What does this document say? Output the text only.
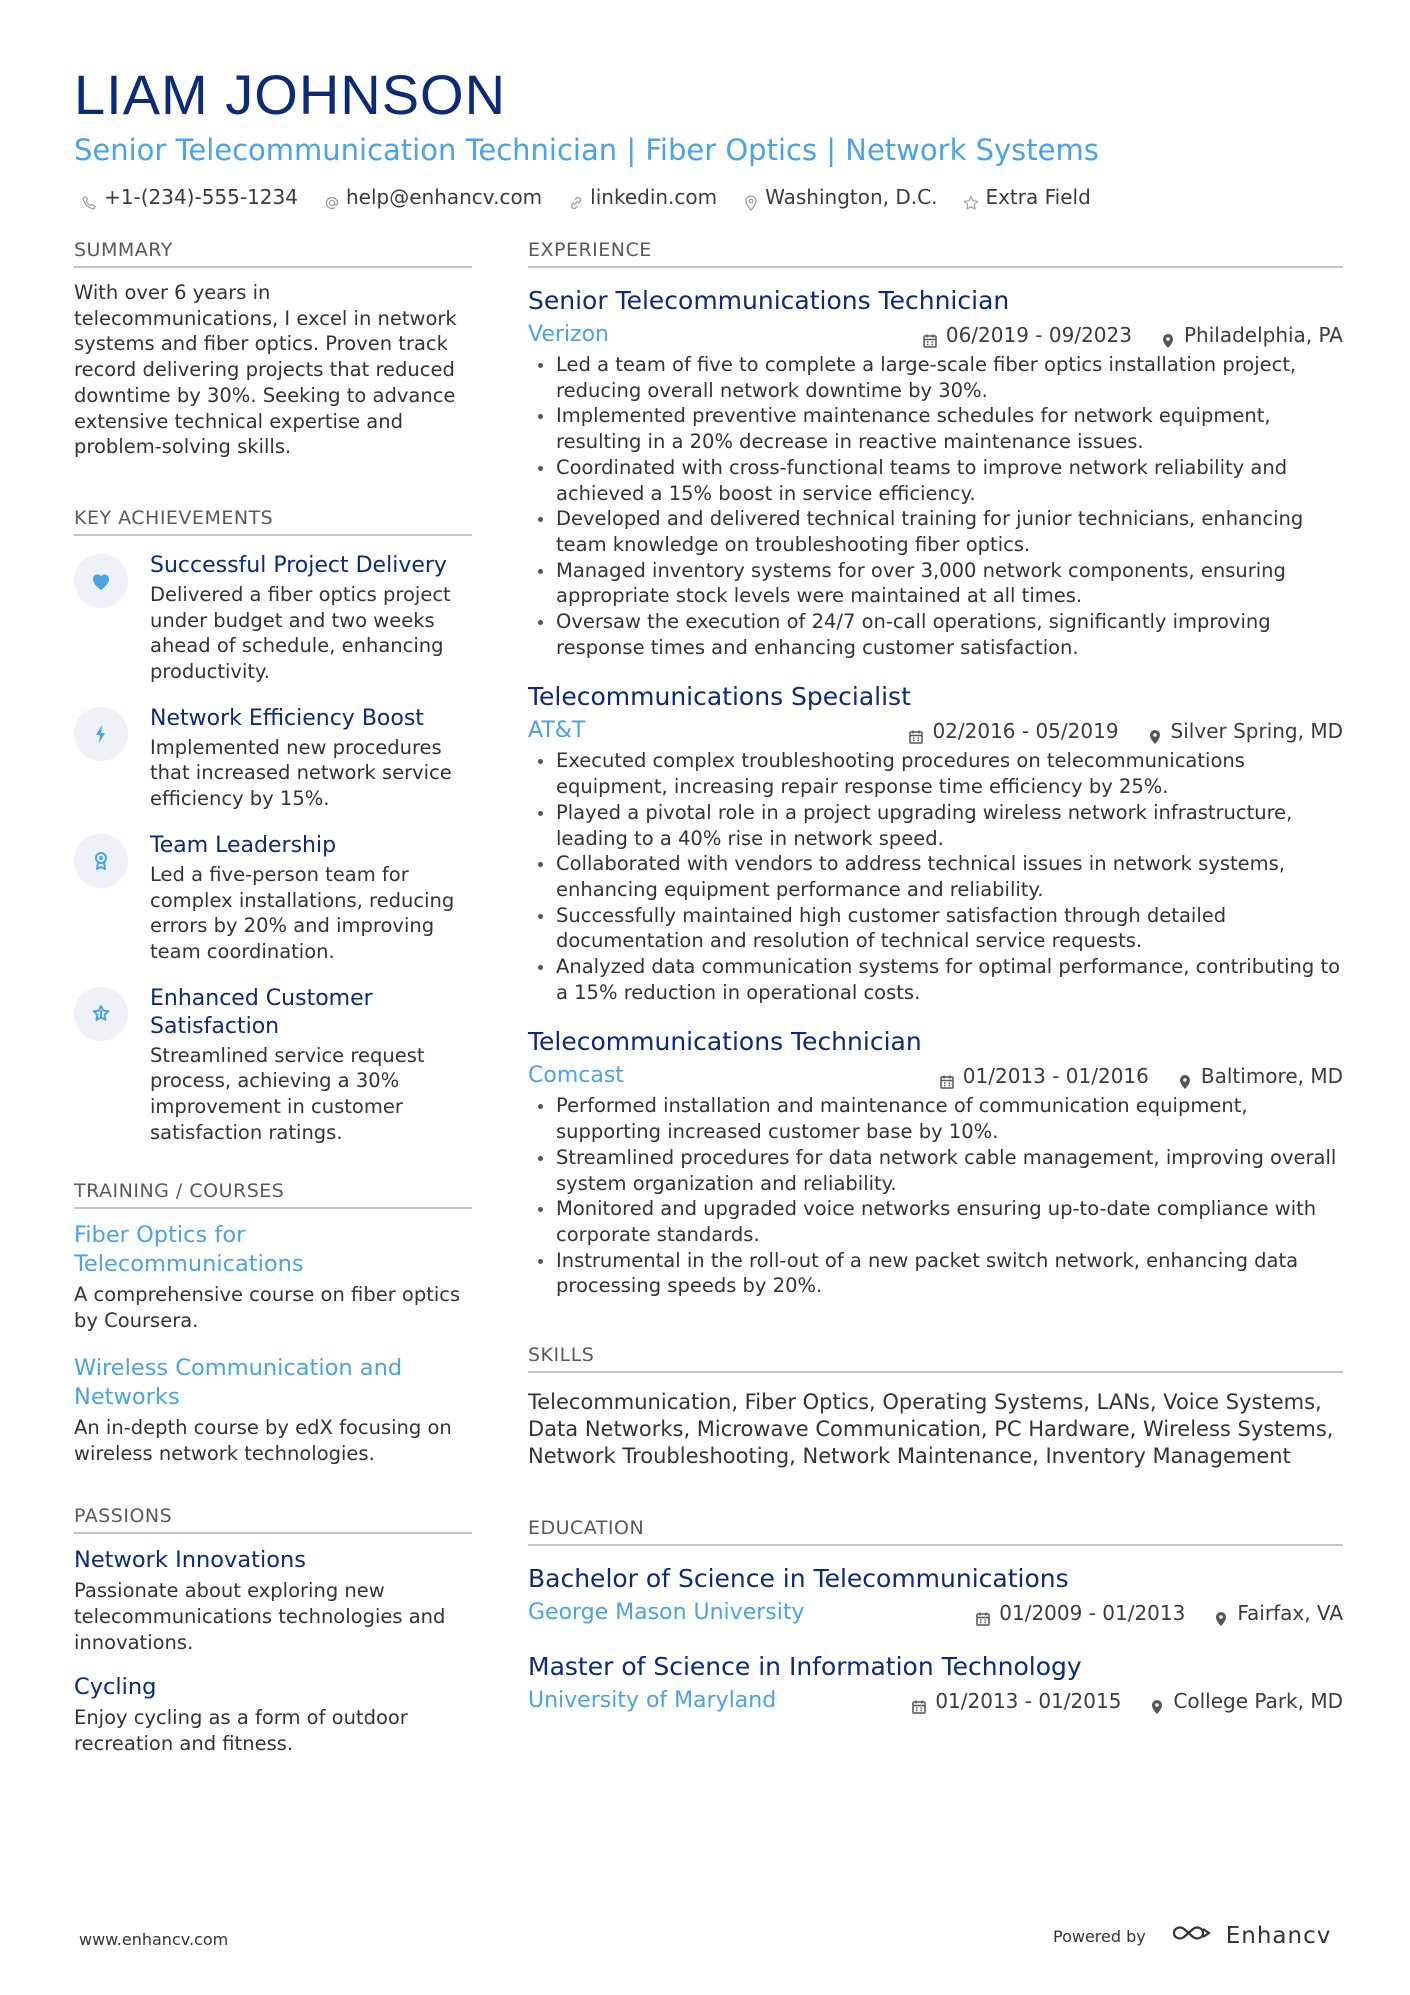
LIAM JOHNSON
Senior Telecommunication Technician | Fiber Optics | Network Systems
+1-(234)-555-1234 help@enhancv.com linkedin.com Washington, D.C. Extra Field
SUMMARY
With over 6 years in telecommunications, I excel in network systems and fiber optics. Proven track record delivering projects that reduced downtime by 30%. Seeking to advance extensive technical expertise and problem-solving skills.
KEY ACHIEVEMENTS
Successful Project Delivery
Delivered a fiber optics project under budget and two weeks ahead of schedule, enhancing productivity.
Network Efficiency Boost
Implemented new procedures that increased network service efficiency by 15%.
Team Leadership
Led a five-person team for complex installations, reducing errors by 20% and improving team coordination.
Enhanced Customer Satisfaction
Streamlined service request process, achieving a 30% improvement in customer satisfaction ratings.
TRAINING / COURSES
Fiber Optics for Telecommunications
A comprehensive course on fiber optics by Coursera.
Wireless Communication and Networks
An in-depth course by edX focusing on wireless network technologies.
PASSIONS
Network Innovations
Passionate about exploring new telecommunications technologies and innovations.
Cycling
Enjoy cycling as a form of outdoor recreation and fitness.
EXPERIENCE
Senior Telecommunications Technician
Verizon	06/2019 - 09/2023	Philadelphia, PA
Led a team of five to complete a large-scale fiber optics installation project, reducing overall network downtime by 30%.
Implemented preventive maintenance schedules for network equipment, resulting in a 20% decrease in reactive maintenance issues.
Coordinated with cross-functional teams to improve network reliability and achieved a 15% boost in service efficiency.
Developed and delivered technical training for junior technicians, enhancing team knowledge on troubleshooting fiber optics.
Managed inventory systems for over 3,000 network components, ensuring appropriate stock levels were maintained at all times.
Oversaw the execution of 24/7 on-call operations, significantly improving response times and enhancing customer satisfaction.
Telecommunications Specialist
AT&T	02/2016 - 05/2019	Silver Spring, MD
Executed complex troubleshooting procedures on telecommunications equipment, increasing repair response time efficiency by 25%.
Played a pivotal role in a project upgrading wireless network infrastructure, leading to a 40% rise in network speed.
Collaborated with vendors to address technical issues in network systems, enhancing equipment performance and reliability.
Successfully maintained high customer satisfaction through detailed documentation and resolution of technical service requests.
Analyzed data communication systems for optimal performance, contributing to a 15% reduction in operational costs.
Telecommunications Technician
Comcast	01/2013 - 01/2016	Baltimore, MD
Performed installation and maintenance of communication equipment, supporting increased customer base by 10%.
Streamlined procedures for data network cable management, improving overall system organization and reliability.
Monitored and upgraded voice networks ensuring up-to-date compliance with corporate standards.
Instrumental in the roll-out of a new packet switch network, enhancing data processing speeds by 20%.
SKILLS
Telecommunication, Fiber Optics, Operating Systems, LANs, Voice Systems, Data Networks, Microwave Communication, PC Hardware, Wireless Systems, Network Troubleshooting, Network Maintenance, Inventory Management
EDUCATION
Bachelor of Science in Telecommunications
George Mason University	01/2009 - 01/2013	Fairfax, VA
Master of Science in Information Technology
University of Maryland	01/2013 - 01/2015	College Park, MD
www.enhancv.com	Powered by	Enhancv
